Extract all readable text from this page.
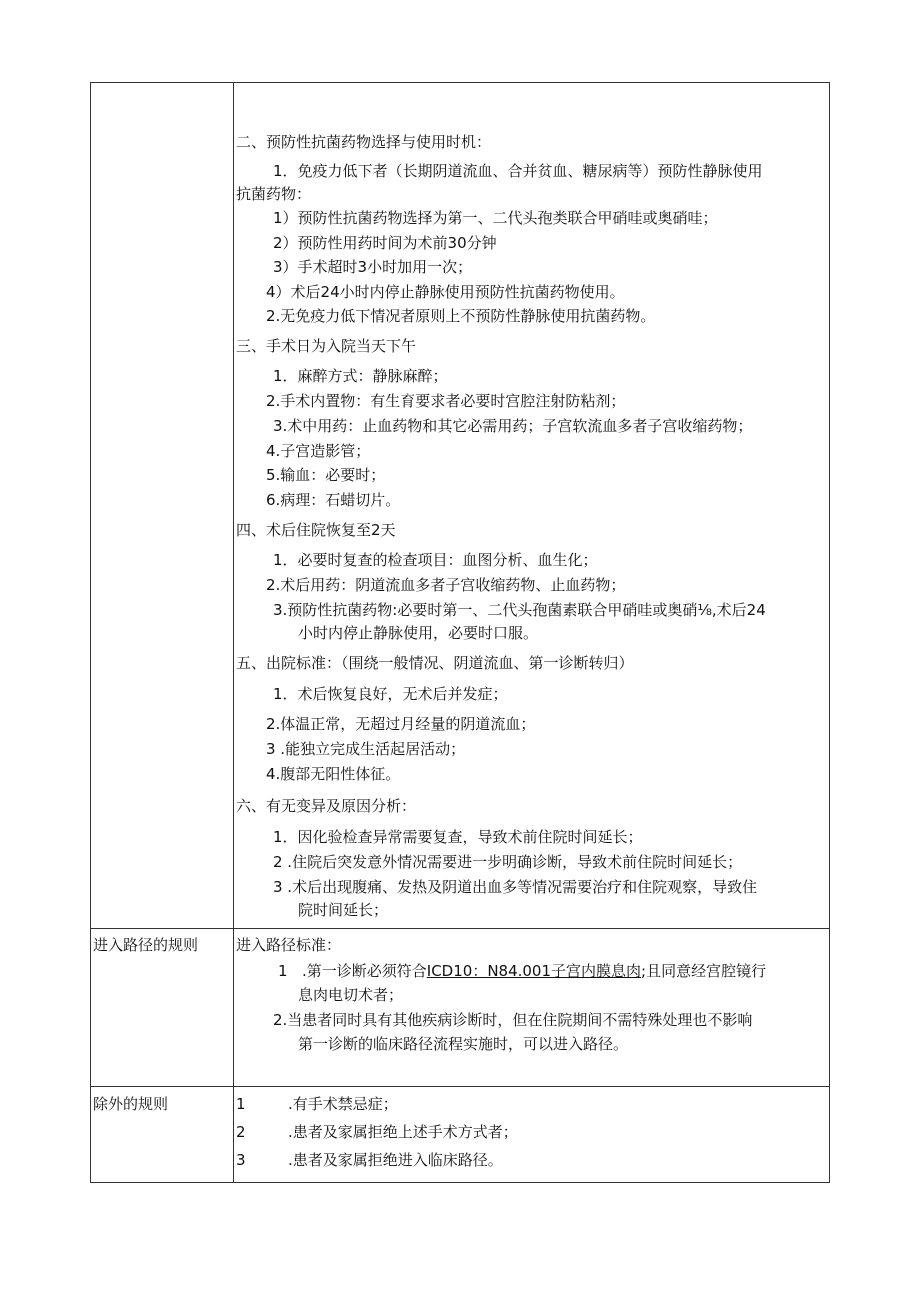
二、预防性抗菌药物选择与使用时机：
1．免疫力低下者（长期阴道流血、合并贫血、糖尿病等）预防性静脉使用
抗菌药物：
1）预防性抗菌药物选择为第一、二代头孢类联合甲硝哇或奥硝哇；
2）预防性用药时间为术前30分钟
3）手术超时3小时加用一次；
4）术后24小时内停止静脉使用预防性抗菌药物使用。
2.无免疫力低下情况者原则上不预防性静脉使用抗菌药物。
三、手术日为入院当天下午
1．麻醉方式：静脉麻醉；
2.手术内置物：有生育要求者必要时宫腔注射防粘剂；
3.术中用药：止血药物和其它必需用药；子宫软流血多者子宫收缩药物；
4.子宫造影管；
5.输血：必要时；
6.病理：石蜡切片。
四、术后住院恢复至2天
1．必要时复查的检查项目：血图分析、血生化；
2.术后用药：阴道流血多者子宫收缩药物、止血药物；
3.预防性抗菌药物:必要时第一、二代头孢菌素联合甲硝哇或奥硝⅛,术后24
小时内停止静脉使用，必要时口服。
五、出院标准：（围绕一般情况、阴道流血、第一诊断转归）
1．术后恢复良好，无术后并发症；
2.体温正常，无超过月经量的阴道流血；
3 .能独立完成生活起居活动；
4.腹部无阳性体征。
六、有无变异及原因分析：
1．因化验检查异常需要复查，导致术前住院时间延长；
2 .住院后突发意外情况需要进一步明确诊断，导致术前住院时间延长；
3 .术后出现腹痛、发热及阴道出血多等情况需要治疗和住院观察，导致住
院时间延长；
进入路径的规则	进入路径标准：
1 .第一诊断必须符合ICD10：N84.001子宫内膜息肉;且同意经宫腔镜行
息肉电切术者；
2.当患者同时具有其他疾病诊断时，但在住院期间不需特殊处理也不影响
第一诊断的临床路径流程实施时，可以进入路径。
除外的规则	1	.有手术禁忌症；
2	.患者及家属拒绝上述手术方式者；
3	.患者及家属拒绝进入临床路径。
